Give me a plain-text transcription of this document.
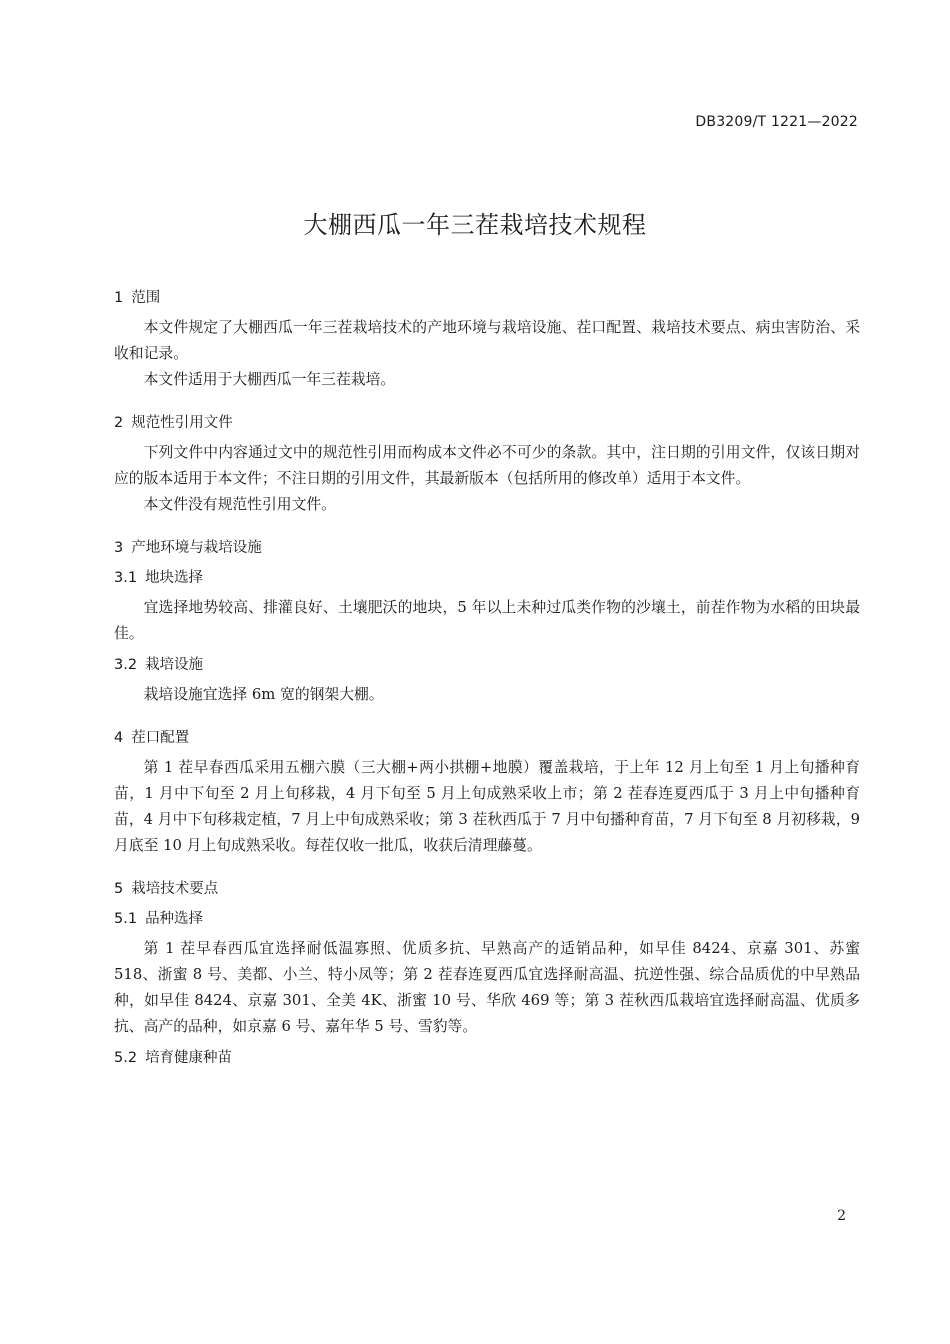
DB3209/T 1221—2022
大棚西瓜一年三茬栽培技术规程
1 范围

本文件规定了大棚西瓜一年三茬栽培技术的产地环境与栽培设施、茬口配置、栽培技术要点、病虫害防治、采收和记录。

本文件适用于大棚西瓜一年三茬栽培。

2 规范性引用文件

下列文件中内容通过文中的规范性引用而构成本文件必不可少的条款。其中，注日期的引用文件，仅该日期对应的版本适用于本文件；不注日期的引用文件，其最新版本（包括所用的修改单）适用于本文件。

本文件没有规范性引用文件。

3 产地环境与栽培设施
3.1 地块选择

宜选择地势较高、排灌良好、土壤肥沃的地块，5 年以上未种过瓜类作物的沙壤土，前茬作物为水稻的田块最佳。

3.2 栽培设施

栽培设施宜选择 6m 宽的钢架大棚。

4 茬口配置

第 1 茬早春西瓜采用五棚六膜（三大棚+两小拱棚+地膜）覆盖栽培，于上年 12 月上旬至 1 月上旬播种育苗，1 月中下旬至 2 月上旬移栽，4 月下旬至 5 月上旬成熟采收上市；第 2 茬春连夏西瓜于 3 月上中旬播种育苗，4 月中下旬移栽定植，7 月上中旬成熟采收；第 3 茬秋西瓜于 7 月中旬播种育苗，7 月下旬至 8 月初移栽，9 月底至 10 月上旬成熟采收。每茬仅收一批瓜，收获后清理藤蔓。

5 栽培技术要点
5.1 品种选择

第 1 茬早春西瓜宜选择耐低温寡照、优质多抗、早熟高产的适销品种，如早佳 8424、京嘉 301、苏蜜 518、浙蜜 8 号、美都、小兰、特小凤等；第 2 茬春连夏西瓜宜选择耐高温、抗逆性强、综合品质优的中早熟品种，如早佳 8424、京嘉 301、全美 4K、浙蜜 10 号、华欣 469 等；第 3 茬秋西瓜栽培宜选择耐高温、优质多抗、高产的品种，如京嘉 6 号、嘉年华 5 号、雪豹等。

5.2 培育健康种苗
2
